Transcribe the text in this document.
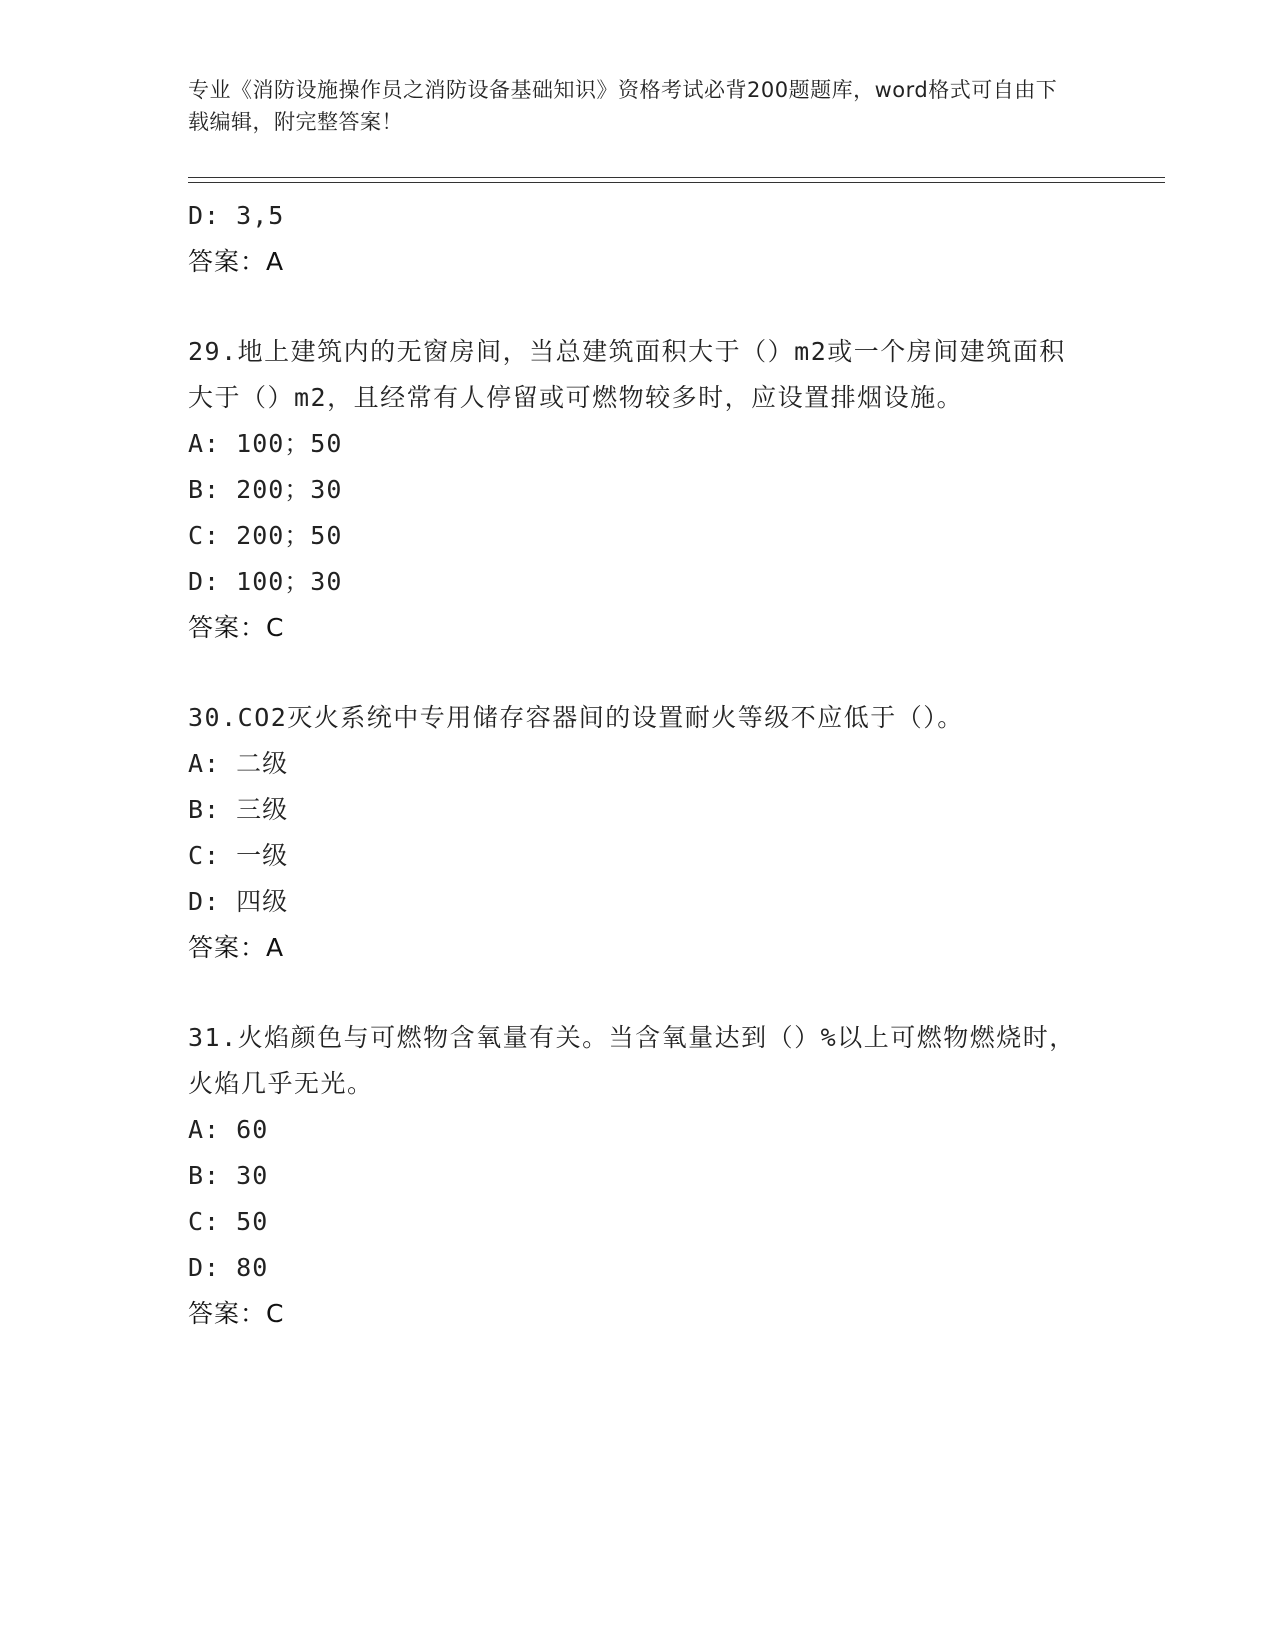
专业《消防设施操作员之消防设备基础知识》资格考试必背200题题库，word格式可自由下载编辑，附完整答案！
D: 3,5
答案：A
29.地上建筑内的无窗房间，当总建筑面积大于（）m2或一个房间建筑面积大于（）m2，且经常有人停留或可燃物较多时，应设置排烟设施。
A: 100；50
B: 200；30
C: 200；50
D: 100；30
答案：C
30.CO2灭火系统中专用储存容器间的设置耐火等级不应低于（）。
A: 二级
B: 三级
C: 一级
D: 四级
答案：A
31.火焰颜色与可燃物含氧量有关。当含氧量达到（）%以上可燃物燃烧时，火焰几乎无光。
A: 60
B: 30
C: 50
D: 80
答案：C
